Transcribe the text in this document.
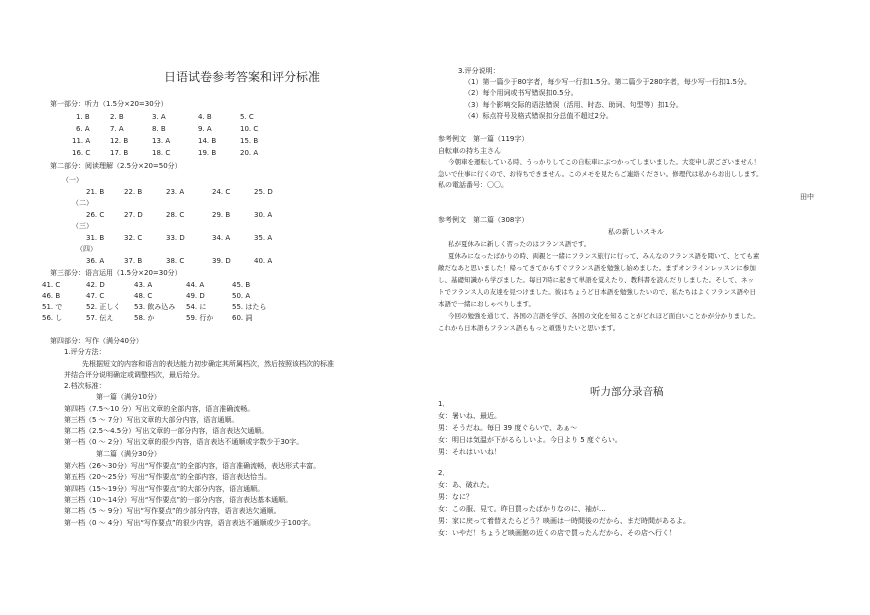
日语试卷参考答案和评分标准
第一部分：听力（1.5分×20=30分）
1. B	2. B	3. A	4. B	5. C
6. A	7. A	8. B	9. A	10. C
11. A	12. B	13. A	14. B	15. B
16. C	17. B	18. C	19. B	20. A
第二部分：阅读理解（2.5分×20=50分）
（一）
21. B	22. B	23. A	24. C	25. D
（二）
26. C	27. D	28. C	29. B	30. A
（三）
31. B	32. C	33. D	34. A	35. A
（四）
36. A	37. B	38. C	39. D	40. A
第三部分：语言运用（1.5分×20=30分）
41. C	42. D	43. A	44. A	45. B
46. B	47. C	48. C	49. D	50. A
51. で	52. 正しく 53. 飲み込み 54. に	55. はたら
56. し	57. 伝え	58. か	59. 行か	60. 詞
第四部分：写作（满分40分）
1.评分方法：
先根据短文的内容和语言的表达能力初步确定其所属档次，然后按照该档次的标准
并结合评分说明确定或调整档次，最后给分。
2.档次标准：
第一篇（满分10分）
第四档（7.5～10 分）写出文章的全部内容，语言准确流畅。
第三档（5 ～ 7分）写出文章的大部分内容，语言通顺。
第二档（2.5～4.5分）写出文章的一部分内容，语言表达欠通顺。
第一档（0 ～ 2分）写出文章的很少内容，语言表达不通顺或字数少于30字。
第二篇（满分30分）
第六档（26～30分）写出“写作要点”的全部内容，语言准确流畅，表达形式丰富。
第五档（20～25分）写出“写作要点”的全部内容，语言表达恰当。
第四档（15～19分）写出“写作要点”的大部分内容，语言通顺。
第三档（10～14分）写出“写作要点”的一部分内容，语言表达基本通顺。
第二档（5 ～ 9分）写出“写作要点”的少部分内容，语言表达欠通顺。
第一档（0 ～ 4分）写出“写作要点”的很少内容，语言表达不通顺或少于100字。
3.评分说明：
（1）第一篇少于80字者，每少写一行扣1.5分。第二篇少于280字者，每少写一行扣1.5分。
（2）每个用词或书写错误扣0.5分。
（3）每个影响交际的语法错误（活用、时态、助词、句型等）扣1分。
（4）标点符号及格式错误扣分总值不超过2分。
参考例文　第一篇（119字）
自転車の持ち主さん
今朝車を運転している時、うっかりしてこの自転車にぶつかってしまいました。大変申し訳ございません！
急いで仕事に行くので、お待ちできません。このメモを見たらご連絡ください。修理代は私からお出しします。
私の電話番号：〇〇。
田中
参考例文　第二篇（308字）
私の新しいスキル
私が夏休みに新しく習ったのはフランス語です。
夏休みになったばかりの時、両親と一緒にフランス旅行に行って、みんなのフランス語を聞いて、とても素
敵だなあと思いました！帰ってきてからすぐフランス語を勉強し始めました。まずオンラインレッスンに参加
し、基礎知識から学びました。毎日7時に起きて単語を覚えたり、教科書を読んだりしました。そして、ネッ
トでフランス人の友達を見つけました。彼はちょうど日本語を勉強したいので、私たちはよくフランス語や日
本語で一緒におしゃべりします。
今回の勉強を通じて、各国の言語を学び、各国の文化を知ることがどれほど面白いことかが分かりました。
これから日本語もフランス語ももっと頑張りたいと思います。
听力部分录音稿
1．
女：暑いね、最近。
男：そうだね。毎日 39 度ぐらいで、あぁ～
女：明日は気温が下がるらしいよ。今日より 5 度ぐらい。
男：それはいいね！
2．
女：あ、破れた。
男：なに？
女：この服、見て。昨日買ったばかりなのに、袖が…
男：家に戻って着替えたらどう？映画は一時間後のだから、まだ時間があるよ。
女：いやだ！ちょうど映画館の近くの店で買ったんだから、その店へ行く！
